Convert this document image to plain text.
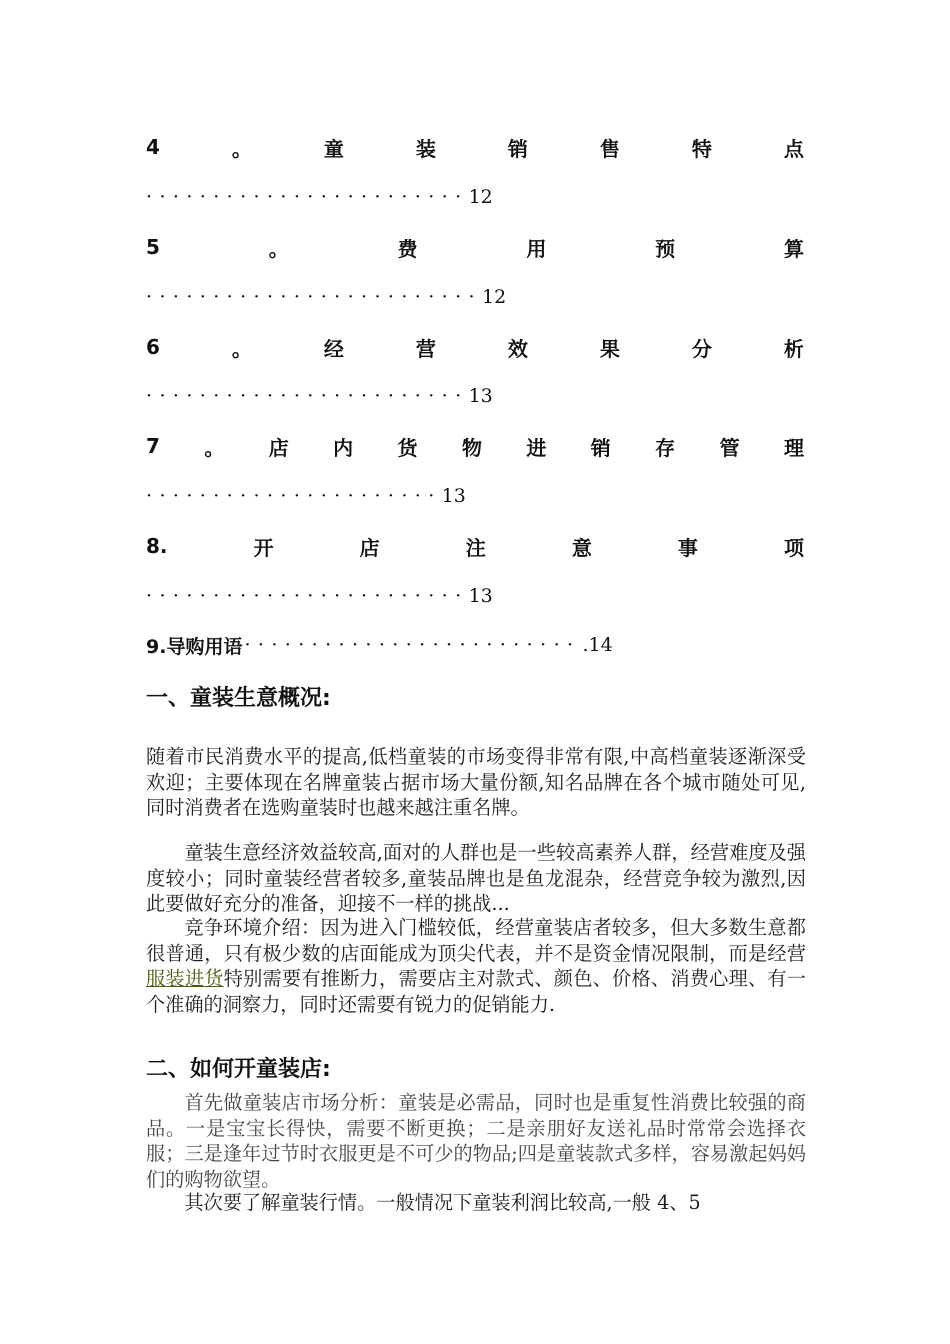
4	。	童	装	销	售	特	点
························12
5	。	费	用	预	算
·························12
6	。	经	营	效	果	分	析
························13
7 。 店 内 货 物 进 销 存 管 理
······················13
8.	开	店	注	意	事	项
························13
9.导购用语 ························· .14
一、童装生意概况:

随着市民消费水平的提高,低档童装的市场变得非常有限,中高档童装逐渐深受欢迎；主要体现在名牌童装占据市场大量份额,知名品牌在各个城市随处可见,同时消费者在选购童装时也越来越注重名牌。

童装生意经济效益较高,面对的人群也是一些较高素养人群，经营难度及强度较小；同时童装经营者较多,童装品牌也是鱼龙混杂，经营竞争较为激烈,因此要做好充分的准备，迎接不一样的挑战...

竞争环境介绍：因为进入门槛较低，经营童装店者较多，但大多数生意都很普通，只有极少数的店面能成为顶尖代表，并不是资金情况限制，而是经营服装进货特别需要有推断力，需要店主对款式、颜色、价格、消费心理、有一个准确的洞察力，同时还需要有锐力的促销能力.

二、如何开童装店:

首先做童装店市场分析：童装是必需品，同时也是重复性消费比较强的商品。一是宝宝长得快，需要不断更换；二是亲朋好友送礼品时常常会选择衣服；三是逢年过节时衣服更是不可少的物品;四是童装款式多样，容易激起妈妈们的购物欲望。

其次要了解童装行情。一般情况下童装利润比较高,一般 4、5
